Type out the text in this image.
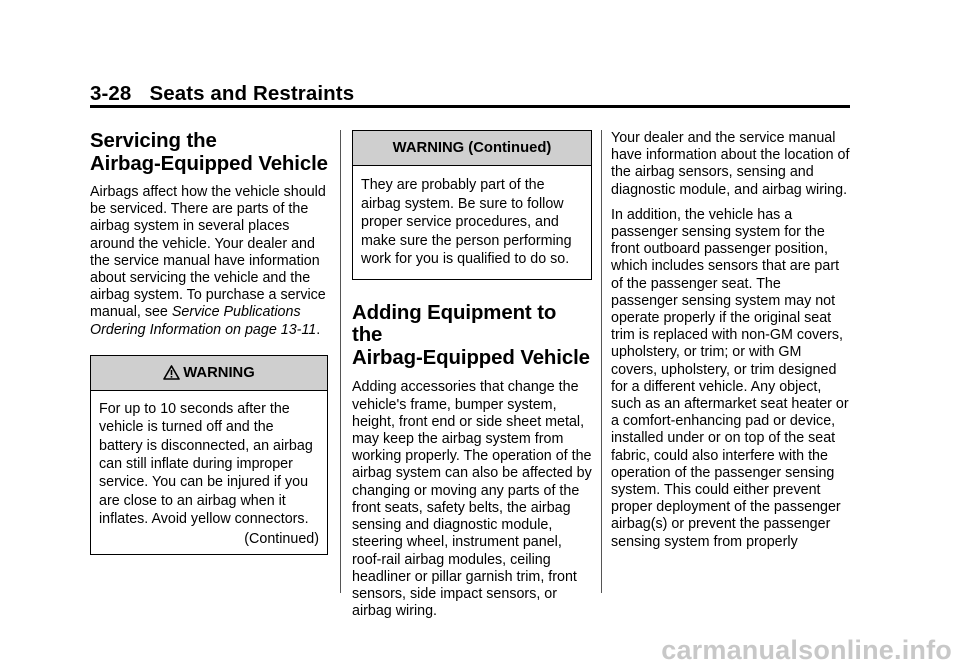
3-28 Seats and Restraints
Servicing the
Airbag-Equipped Vehicle

Airbags affect how the vehicle should be serviced. There are parts of the airbag system in several places around the vehicle. Your dealer and the service manual have information about servicing the vehicle and the airbag system. To purchase a service manual, see Service Publications Ordering Information on page 13-11.

WARNING

For up to 10 seconds after the vehicle is turned off and the battery is disconnected, an airbag can still inflate during improper service. You can be injured if you are close to an airbag when it inflates. Avoid yellow connectors.

(Continued)

WARNING (Continued)

They are probably part of the airbag system. Be sure to follow proper service procedures, and make sure the person performing work for you is qualified to do so.

Adding Equipment to the
Airbag-Equipped Vehicle

Adding accessories that change the vehicle's frame, bumper system, height, front end or side sheet metal, may keep the airbag system from working properly. The operation of the airbag system can also be affected by changing or moving any parts of the front seats, safety belts, the airbag sensing and diagnostic module, steering wheel, instrument panel, roof-rail airbag modules, ceiling headliner or pillar garnish trim, front sensors, side impact sensors, or airbag wiring.

Your dealer and the service manual have information about the location of the airbag sensors, sensing and diagnostic module, and airbag wiring.

In addition, the vehicle has a passenger sensing system for the front outboard passenger position, which includes sensors that are part of the passenger seat. The passenger sensing system may not operate properly if the original seat trim is replaced with non-GM covers, upholstery, or trim; or with GM covers, upholstery, or trim designed for a different vehicle. Any object, such as an aftermarket seat heater or a comfort-enhancing pad or device, installed under or on top of the seat fabric, could also interfere with the operation of the passenger sensing system. This could either prevent proper deployment of the passenger airbag(s) or prevent the passenger sensing system from properly

carmanualsonline.info
